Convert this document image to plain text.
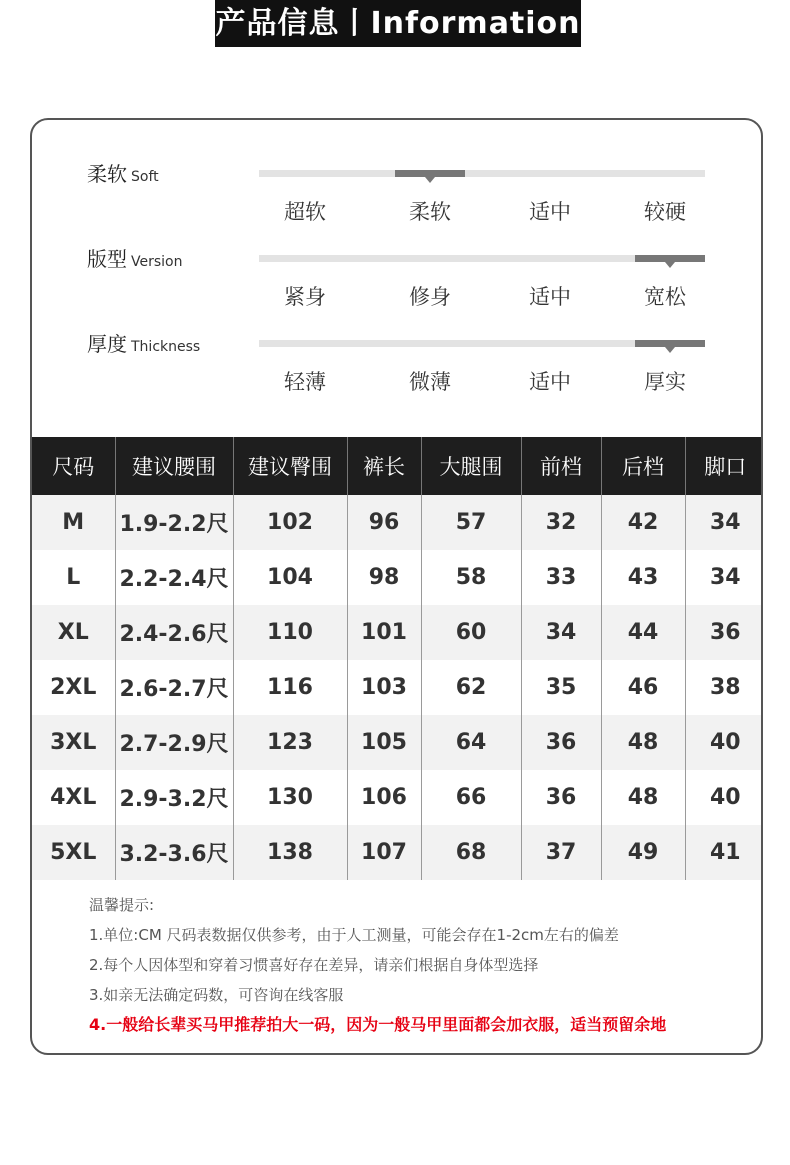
产品信息丨Information
柔软 Soft
超软	柔软	适中	较硬
版型 Version
紧身	修身	适中	宽松
厚度 Thickness
轻薄	微薄	适中	厚实
尺码	建议腰围	建议臀围	裤长	大腿围	前档	后档	脚口
M	1.9-2.2尺	102	96	57	32	42	34
L	2.2-2.4尺	104	98	58	33	43	34
XL	2.4-2.6尺	110	101	60	34	44	36
2XL	2.6-2.7尺	116	103	62	35	46	38
3XL	2.7-2.9尺	123	105	64	36	48	40
4XL	2.9-3.2尺	130	106	66	36	48	40
5XL	3.2-3.6尺	138	107	68	37	49	41
温馨提示:
1.单位:CM 尺码表数据仅供参考，由于人工测量，可能会存在1-2cm左右的偏差
2.每个人因体型和穿着习惯喜好存在差异，请亲们根据自身体型选择
3.如亲无法确定码数，可咨询在线客服
4.一般给长辈买马甲推荐拍大一码，因为一般马甲里面都会加衣服，适当预留余地
